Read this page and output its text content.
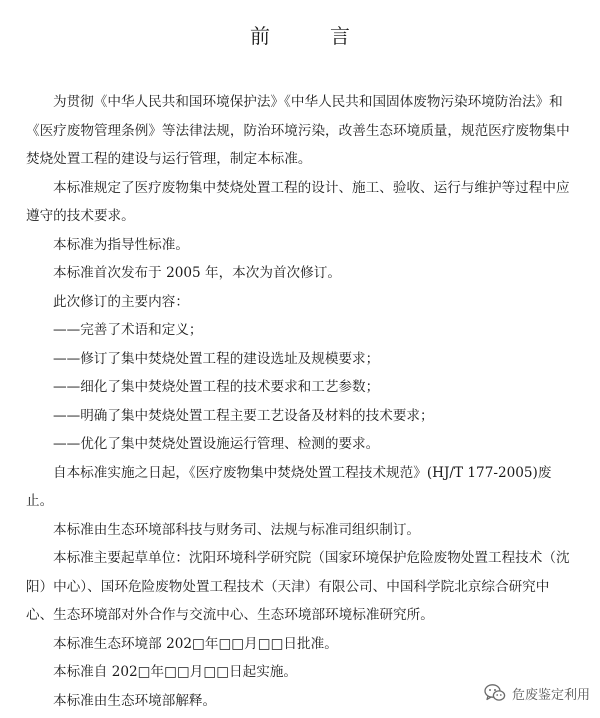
前　言

为贯彻《中华人民共和国环境保护法》《中华人民共和国固体废物污染环境防治法》和《医疗废物管理条例》等法律法规，防治环境污染，改善生态环境质量，规范医疗废物集中焚烧处置工程的建设与运行管理，制定本标准。

本标准规定了医疗废物集中焚烧处置工程的设计、施工、验收、运行与维护等过程中应遵守的技术要求。

本标准为指导性标准。

本标准首次发布于 2005 年，本次为首次修订。

此次修订的主要内容：

——完善了术语和定义；

——修订了集中焚烧处置工程的建设选址及规模要求；

——细化了集中焚烧处置工程的技术要求和工艺参数；

——明确了集中焚烧处置工程主要工艺设备及材料的技术要求；

——优化了集中焚烧处置设施运行管理、检测的要求。

自本标准实施之日起，《医疗废物集中焚烧处置工程技术规范》(HJ/T 177-2005)废止。

本标准由生态环境部科技与财务司、法规与标准司组织制订。

本标准主要起草单位：沈阳环境科学研究院（国家环境保护危险废物处置工程技术（沈阳）中心）、国环危险废物处置工程技术（天津）有限公司、中国科学院北京综合研究中心、生态环境部对外合作与交流中心、生态环境部环境标准研究所。

本标准生态环境部 202□年□□月□□日批准。

本标准自 202□年□□月□□日起实施。

本标准由生态环境部解释。	危废鉴定利用
